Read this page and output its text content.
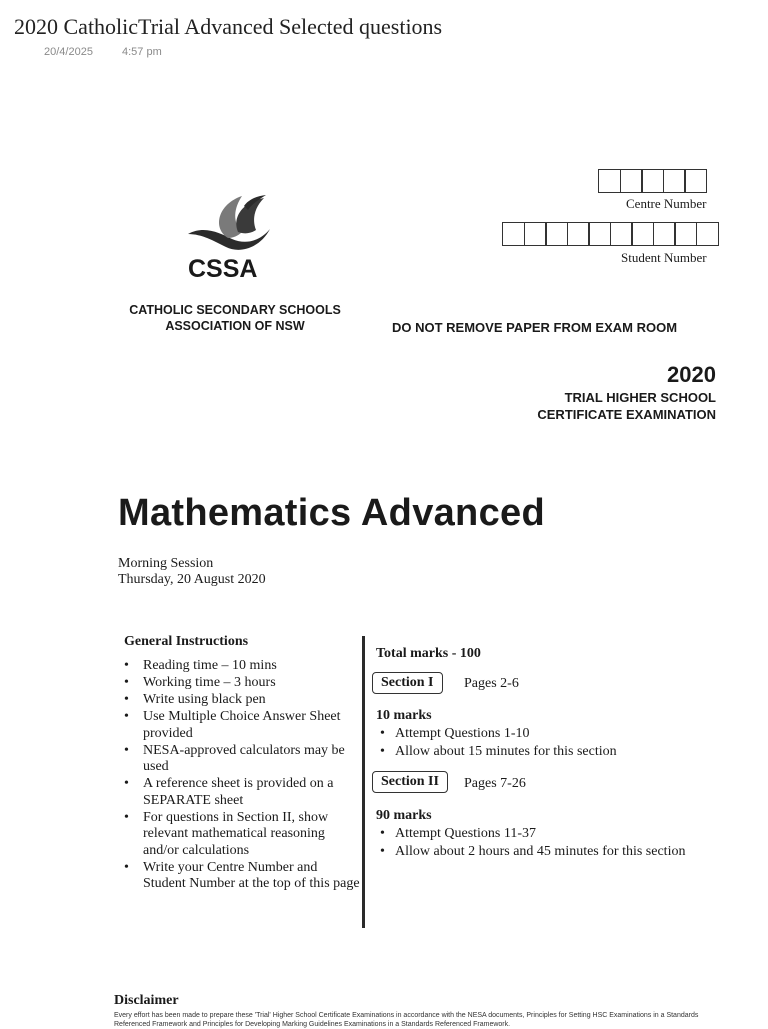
2020 CatholicTrial Advanced Selected questions
20/4/2025	4:57 pm
Centre Number
Student Number
CSSA
CATHOLIC SECONDARY SCHOOLS
ASSOCIATION OF NSW	DO NOT REMOVE PAPER FROM EXAM ROOM
2020
TRIAL HIGHER SCHOOL
CERTIFICATE EXAMINATION
Mathematics Advanced
Morning Session
Thursday, 20 August 2020
General Instructions
• Reading time – 10 mins
• Working time – 3 hours
• Write using black pen
• Use Multiple Choice Answer Sheet provided
• NESA-approved calculators may be used
• A reference sheet is provided on a SEPARATE sheet
• For questions in Section II, show relevant mathematical reasoning and/or calculations
• Write your Centre Number and Student Number at the top of this page
Total marks - 100
Section I	Pages 2-6
10 marks
• Attempt Questions 1-10
• Allow about 15 minutes for this section
Section II	Pages 7-26
90 marks
• Attempt Questions 11-37
• Allow about 2 hours and 45 minutes for this section
Disclaimer
Every effort has been made to prepare these 'Trial' Higher School Certificate Examinations in accordance with the NESA documents, Principles for Setting HSC Examinations in a Standards Referenced Framework and Principles for Developing Marking Guidelines Examinations in a Standards Referenced Framework.
